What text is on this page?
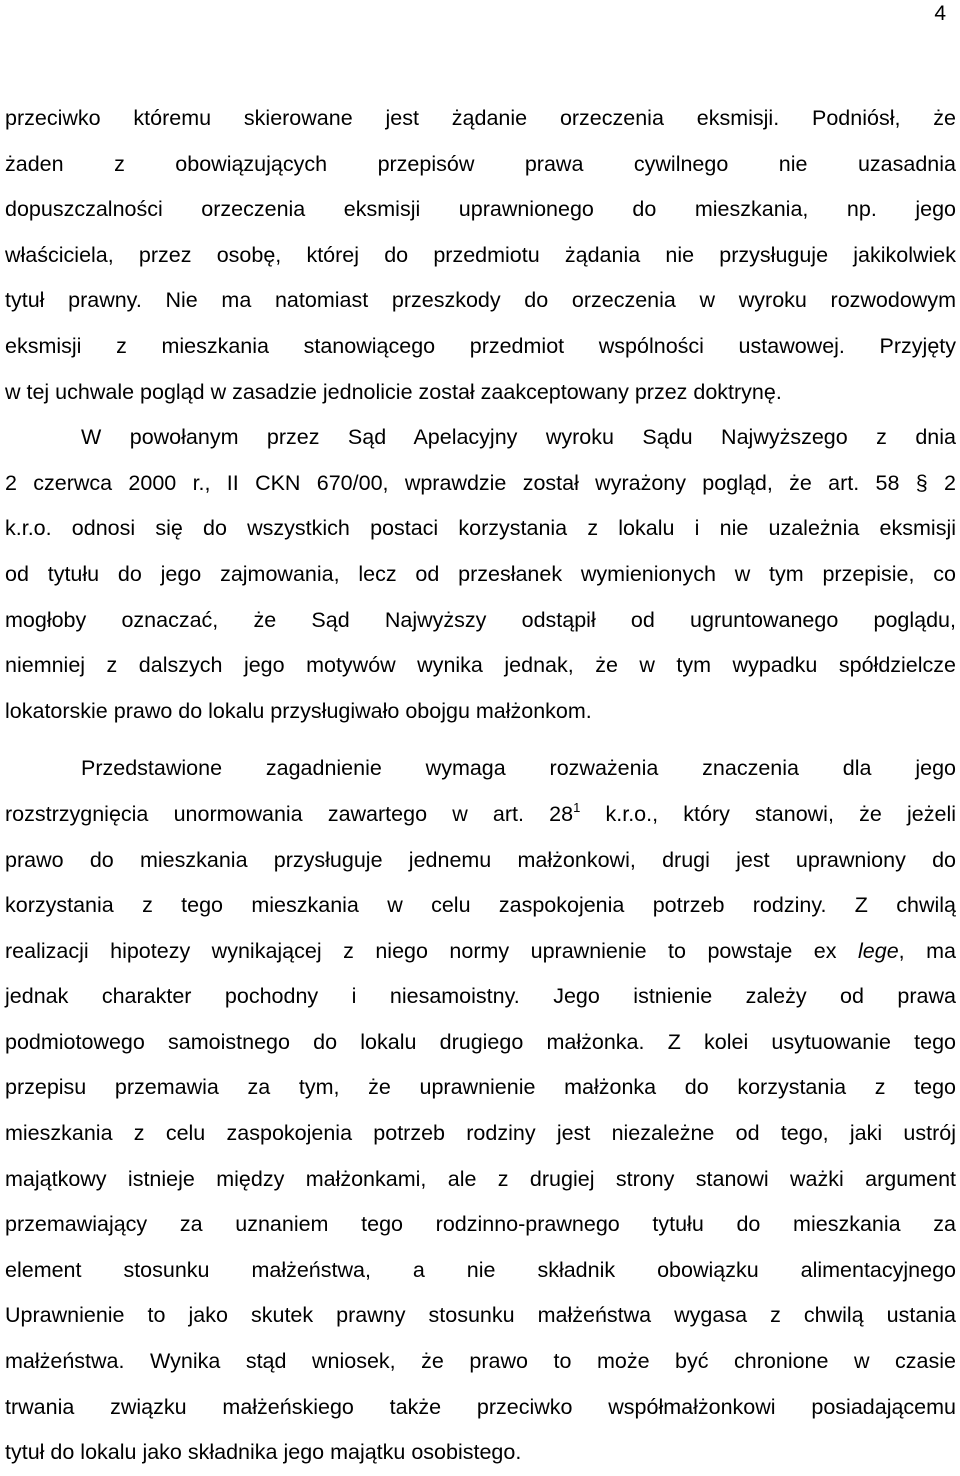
4
przeciwko któremu skierowane jest żądanie orzeczenia eksmisji. Podniósł, że
żaden z obowiązujących przepisów prawa cywilnego nie uzasadnia
dopuszczalności orzeczenia eksmisji uprawnionego do mieszkania, np. jego
właściciela, przez osobę, której do przedmiotu żądania nie przysługuje jakikolwiek
tytuł prawny. Nie ma natomiast przeszkody do orzeczenia w wyroku rozwodowym
eksmisji z mieszkania stanowiącego przedmiot wspólności ustawowej. Przyjęty
w tej uchwale pogląd w zasadzie jednolicie został zaakceptowany przez doktrynę.
W powołanym przez Sąd Apelacyjny wyroku Sądu Najwyższego z dnia
2 czerwca 2000 r., II CKN 670/00, wprawdzie został wyrażony pogląd, że art. 58 § 2
k.r.o. odnosi się do wszystkich postaci korzystania z lokalu i nie uzależnia eksmisji
od tytułu do jego zajmowania, lecz od przesłanek wymienionych w tym przepisie, co
mogłoby oznaczać, że Sąd Najwyższy odstąpił od ugruntowanego poglądu,
niemniej z dalszych jego motywów wynika jednak, że w tym wypadku spółdzielcze
lokatorskie prawo do lokalu przysługiwało obojgu małżonkom.
Przedstawione zagadnienie wymaga rozważenia znaczenia dla jego
rozstrzygnięcia unormowania zawartego w art. $28^1$ k.r.o., który stanowi, że jeżeli
prawo do mieszkania przysługuje jednemu małżonkowi, drugi jest uprawniony do
korzystania z tego mieszkania w celu zaspokojenia potrzeb rodziny. Z chwilą
realizacji hipotezy wynikającej z niego normy uprawnienie to powstaje ex lege, ma
jednak charakter pochodny i niesamoistny. Jego istnienie zależy od prawa
podmiotowego samoistnego do lokalu drugiego małżonka. Z kolei usytuowanie tego
przepisu przemawia za tym, że uprawnienie małżonka do korzystania z tego
mieszkania z celu zaspokojenia potrzeb rodziny jest niezależne od tego, jaki ustrój
majątkowy istnieje między małżonkami, ale z drugiej strony stanowi ważki argument
przemawiający za uznaniem tego rodzinno-prawnego tytułu do mieszkania za
element stosunku małżeństwa, a nie składnik obowiązku alimentacyjnego
Uprawnienie to jako skutek prawny stosunku małżeństwa wygasa z chwilą ustania
małżeństwa. Wynika stąd wniosek, że prawo to może być chronione w czasie
trwania związku małżeńskiego także przeciwko współmałżonkowi posiadającemu
tytuł do lokalu jako składnika jego majątku osobistego.
